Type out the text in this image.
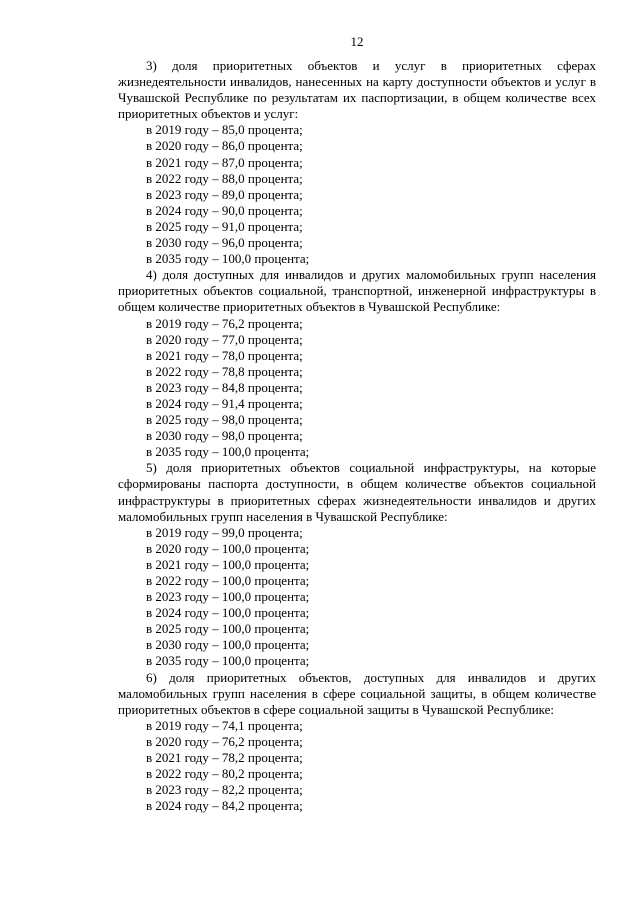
12

3) доля приоритетных объектов и услуг в приоритетных сферах жизнедеятельности инвалидов, нанесенных на карту доступности объектов и услуг в Чувашской Республике по результатам их паспортизации, в общем количестве всех приоритетных объектов и услуг:

в 2019 году – 85,0 процента;
в 2020 году – 86,0 процента;
в 2021 году – 87,0 процента;
в 2022 году – 88,0 процента;
в 2023 году – 89,0 процента;
в 2024 году – 90,0 процента;
в 2025 году – 91,0 процента;
в 2030 году – 96,0 процента;
в 2035 году – 100,0 процента;

4) доля доступных для инвалидов и других маломобильных групп населения приоритетных объектов социальной, транспортной, инженерной инфраструктуры в общем количестве приоритетных объектов в Чувашской Республике:

в 2019 году – 76,2 процента;
в 2020 году – 77,0 процента;
в 2021 году – 78,0 процента;
в 2022 году – 78,8 процента;
в 2023 году – 84,8 процента;
в 2024 году – 91,4 процента;
в 2025 году – 98,0 процента;
в 2030 году – 98,0 процента;
в 2035 году – 100,0 процента;

5) доля приоритетных объектов социальной инфраструктуры, на которые сформированы паспорта доступности, в общем количестве объектов социальной инфраструктуры в приоритетных сферах жизнедеятельности инвалидов и других маломобильных групп населения в Чувашской Республике:

в 2019 году – 99,0 процента;
в 2020 году – 100,0 процента;
в 2021 году – 100,0 процента;
в 2022 году – 100,0 процента;
в 2023 году – 100,0 процента;
в 2024 году – 100,0 процента;
в 2025 году – 100,0 процента;
в 2030 году – 100,0 процента;
в 2035 году – 100,0 процента;

6) доля приоритетных объектов, доступных для инвалидов и других маломобильных групп населения в сфере социальной защиты, в общем количестве приоритетных объектов в сфере социальной защиты в Чувашской Республике:

в 2019 году – 74,1 процента;
в 2020 году – 76,2 процента;
в 2021 году – 78,2 процента;
в 2022 году – 80,2 процента;
в 2023 году – 82,2 процента;
в 2024 году – 84,2 процента;
